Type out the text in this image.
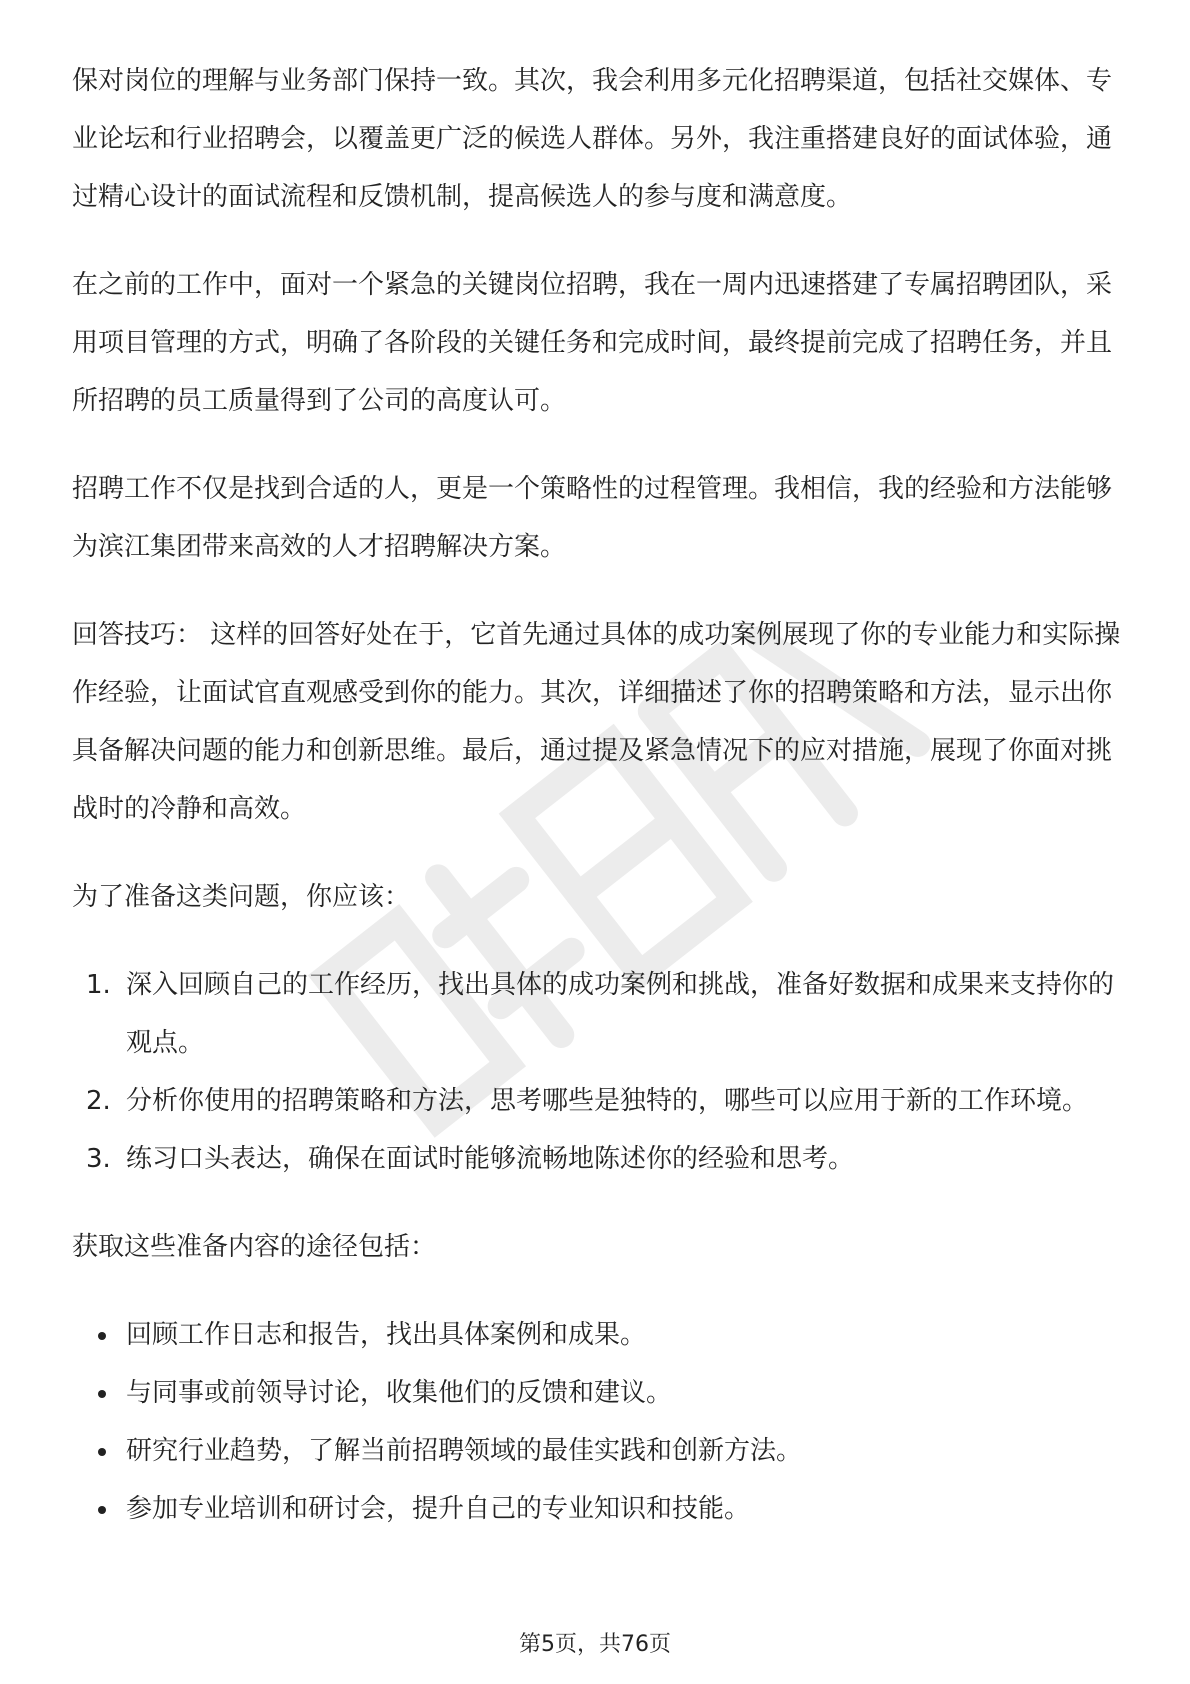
保对岗位的理解与业务部门保持一致。其次，我会利用多元化招聘渠道，包括社交媒体、专业论坛和行业招聘会，以覆盖更广泛的候选人群体。另外，我注重搭建良好的面试体验，通过精心设计的面试流程和反馈机制，提高候选人的参与度和满意度。

在之前的工作中，面对一个紧急的关键岗位招聘，我在一周内迅速搭建了专属招聘团队，采用项目管理的方式，明确了各阶段的关键任务和完成时间，最终提前完成了招聘任务，并且所招聘的员工质量得到了公司的高度认可。

招聘工作不仅是找到合适的人，更是一个策略性的过程管理。我相信，我的经验和方法能够为滨江集团带来高效的人才招聘解决方案。

回答技巧： 这样的回答好处在于，它首先通过具体的成功案例展现了你的专业能力和实际操作经验，让面试官直观感受到你的能力。其次，详细描述了你的招聘策略和方法，显示出你具备解决问题的能力和创新思维。最后，通过提及紧急情况下的应对措施，展现了你面对挑战时的冷静和高效。

为了准备这类问题，你应该：

1. 深入回顾自己的工作经历，找出具体的成功案例和挑战，准备好数据和成果来支持你的观点。
2. 分析你使用的招聘策略和方法，思考哪些是独特的，哪些可以应用于新的工作环境。
3. 练习口头表达，确保在面试时能够流畅地陈述你的经验和思考。

获取这些准备内容的途径包括：

回顾工作日志和报告，找出具体案例和成果。
与同事或前领导讨论，收集他们的反馈和建议。
研究行业趋势，了解当前招聘领域的最佳实践和创新方法。
参加专业培训和研讨会，提升自己的专业知识和技能。
第5页，共76页
